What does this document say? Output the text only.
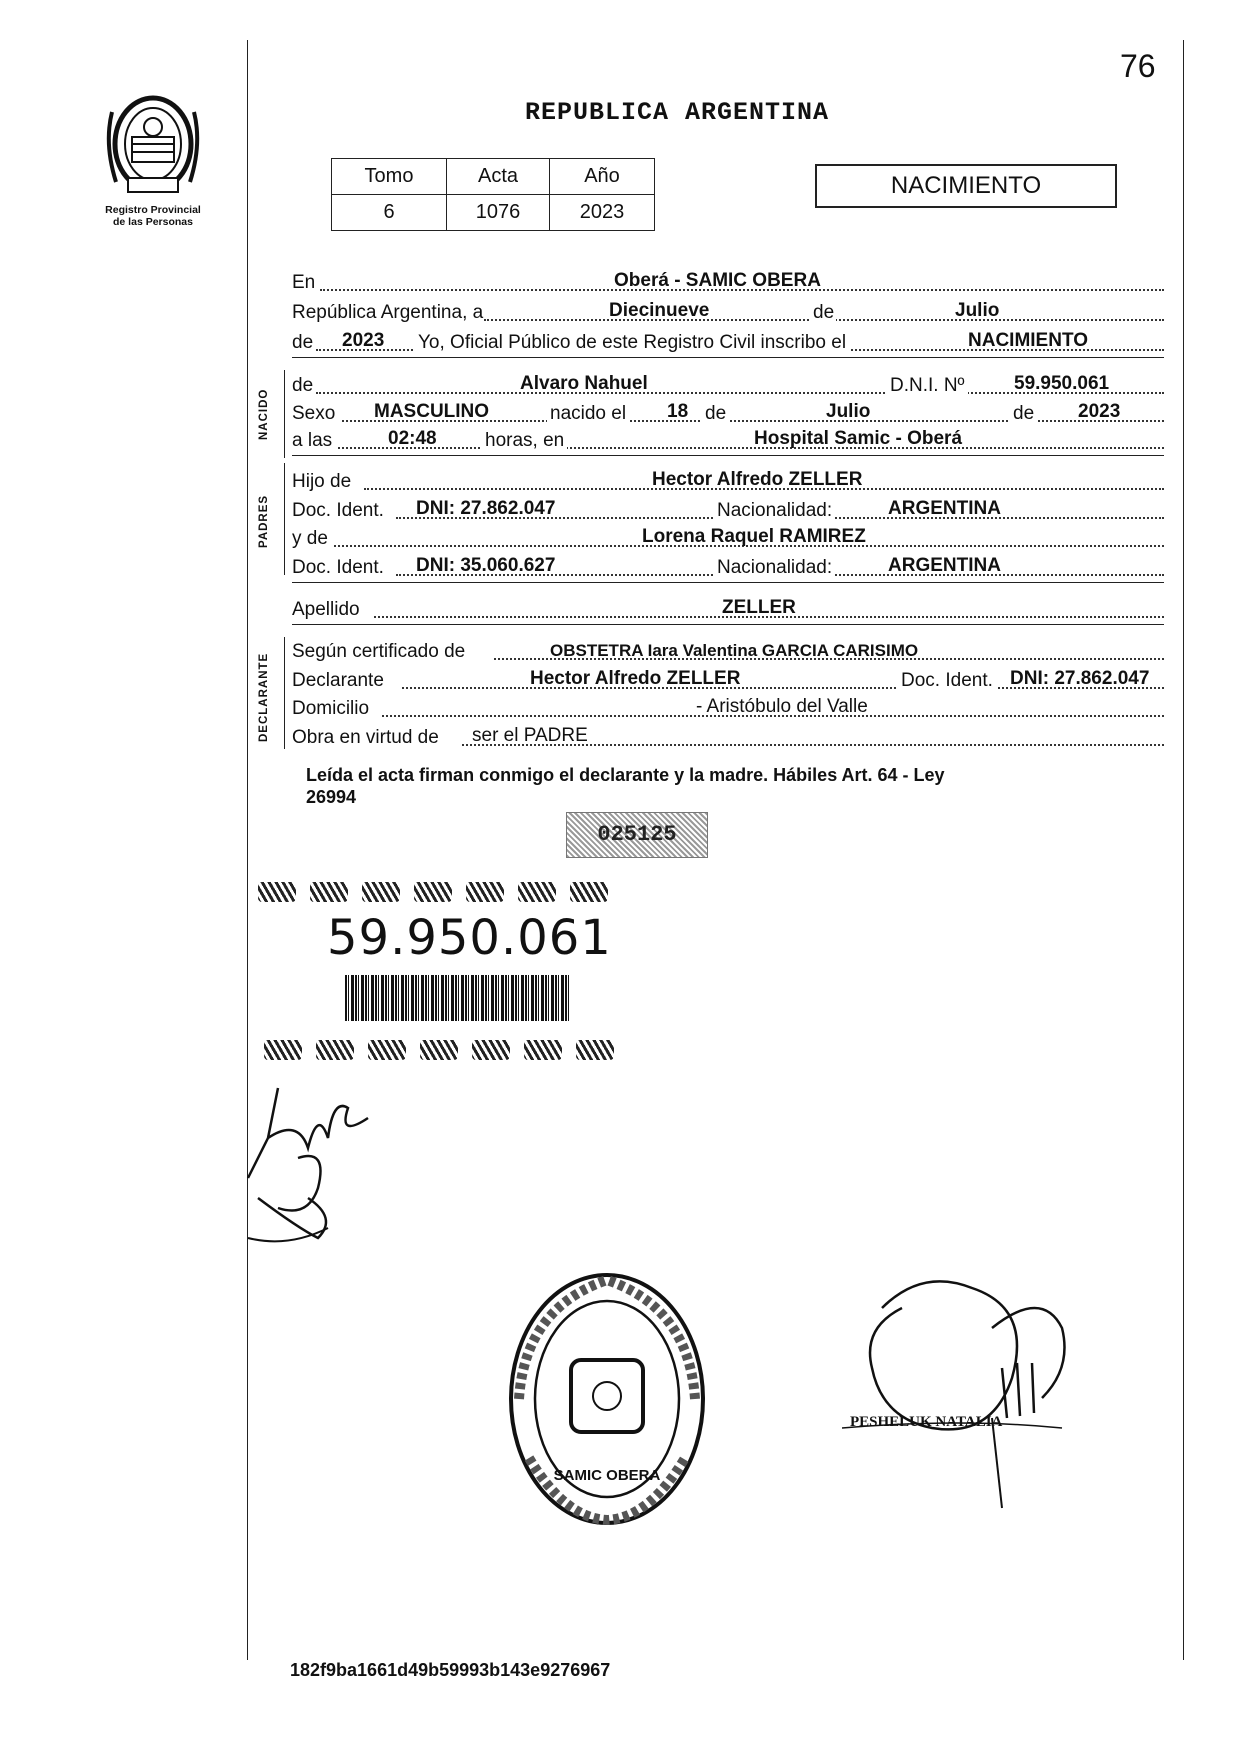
76
Registro Provincial
de las Personas
REPUBLICA ARGENTINA
Tomo	Acta	Año
6	1076	2023
NACIMIENTO
En	Oberá - SAMIC OBERA
República Argentina, a	Diecinueve	de	Julio
de 2023 Yo, Oficial Público de este Registro Civil inscribo el	NACIMIENTO
NACIDO
de	Alvaro Nahuel	D.N.I. Nº	59.950.061
Sexo MASCULINO	nacido el 18 de	Julio	de 2023
a las	02:48	horas, en	Hospital Samic - Oberá
PADRES
Hijo de	Hector Alfredo ZELLER
Doc. Ident. DNI: 27.862.047	Nacionalidad:	ARGENTINA
y de	Lorena Raquel RAMIREZ
Doc. Ident. DNI: 35.060.627	Nacionalidad:	ARGENTINA
Apellido	ZELLER
DECLARANTE
Según certificado de	OBSTETRA Iara Valentina GARCIA CARISIMO
Declarante	Hector Alfredo ZELLER	Doc. Ident. DNI: 27.862.047
Domicilio	- Aristóbulo del Valle
Obra en virtud de ser el PADRE
Leída el acta firman conmigo el declarante y la madre. Hábiles Art. 64 - Ley
26994
025125
59.950.061
SAMIC OBERA
PESHELUK NATALIA
182f9ba1661d49b59993b143e9276967
